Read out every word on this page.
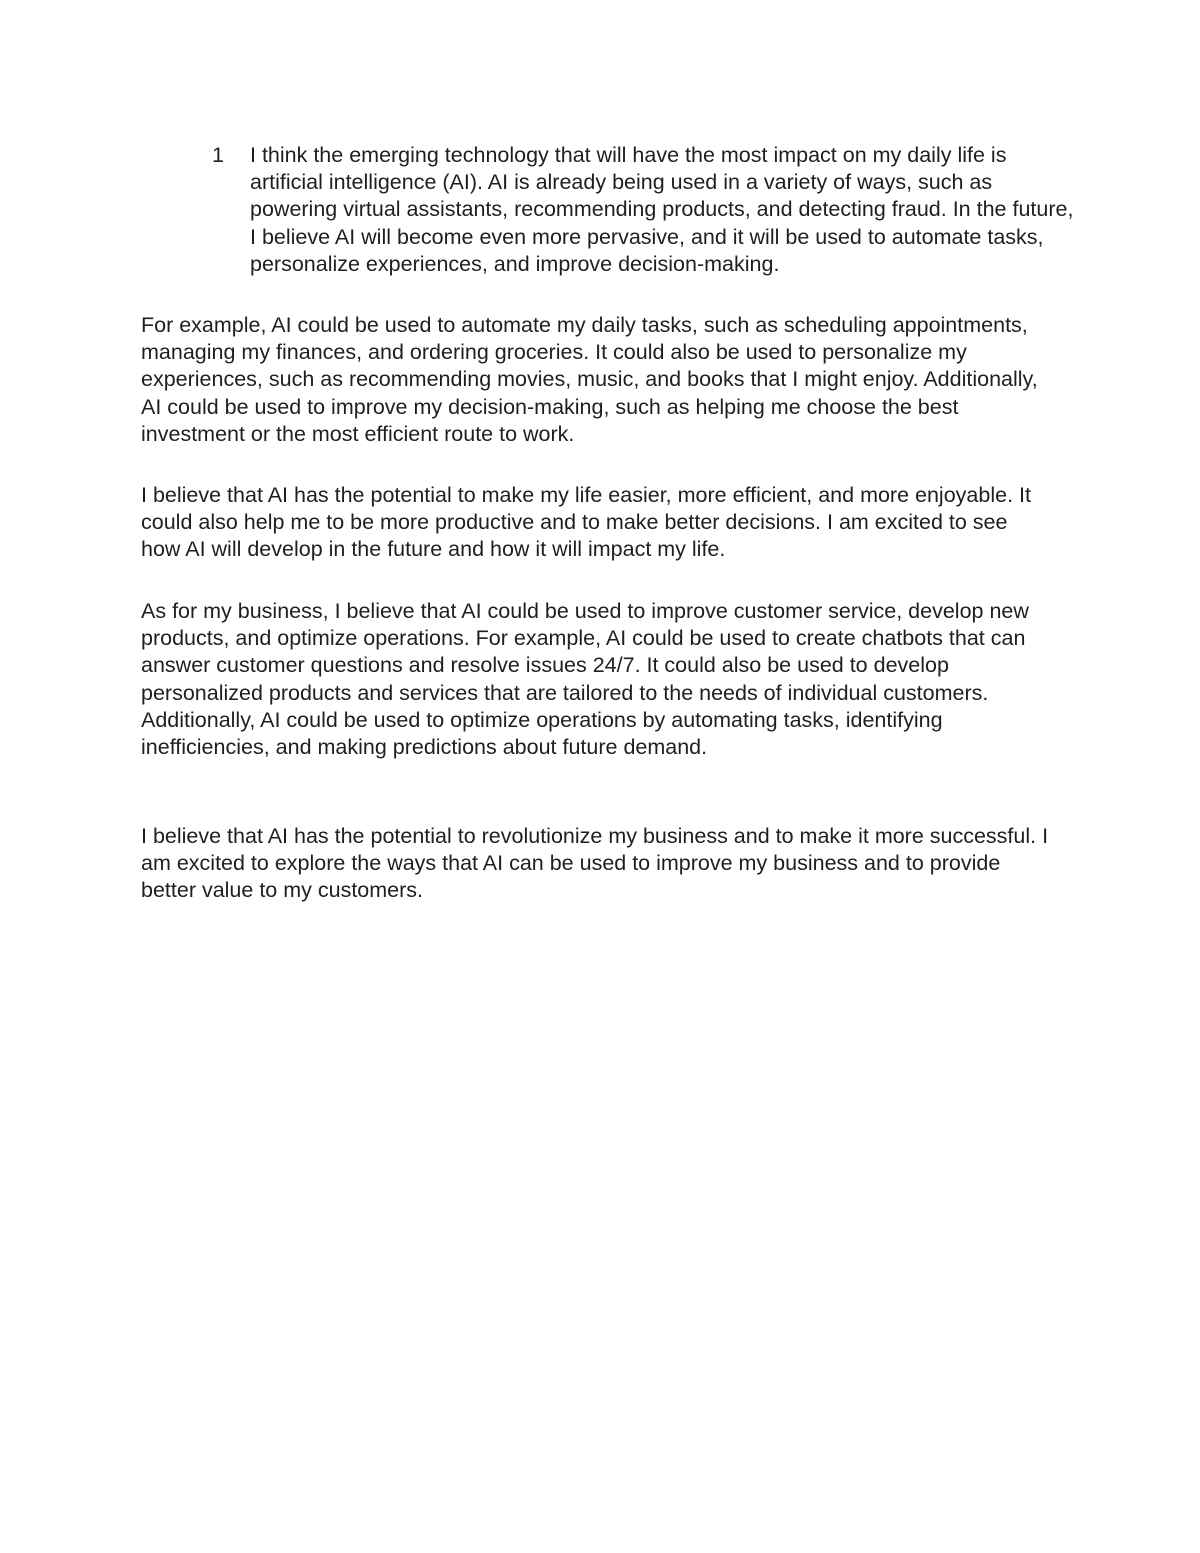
1	I think the emerging technology that will have the most impact on my daily life is artificial intelligence (AI). AI is already being used in a variety of ways, such as powering virtual assistants, recommending products, and detecting fraud. In the future, I believe AI will become even more pervasive, and it will be used to automate tasks, personalize experiences, and improve decision-making.

For example, AI could be used to automate my daily tasks, such as scheduling appointments, managing my finances, and ordering groceries. It could also be used to personalize my experiences, such as recommending movies, music, and books that I might enjoy. Additionally, AI could be used to improve my decision-making, such as helping me choose the best investment or the most efficient route to work.

I believe that AI has the potential to make my life easier, more efficient, and more enjoyable. It could also help me to be more productive and to make better decisions. I am excited to see how AI will develop in the future and how it will impact my life.

As for my business, I believe that AI could be used to improve customer service, develop new products, and optimize operations. For example, AI could be used to create chatbots that can answer customer questions and resolve issues 24/7. It could also be used to develop personalized products and services that are tailored to the needs of individual customers. Additionally, AI could be used to optimize operations by automating tasks, identifying inefficiencies, and making predictions about future demand.

I believe that AI has the potential to revolutionize my business and to make it more successful. I am excited to explore the ways that AI can be used to improve my business and to provide better value to my customers.
